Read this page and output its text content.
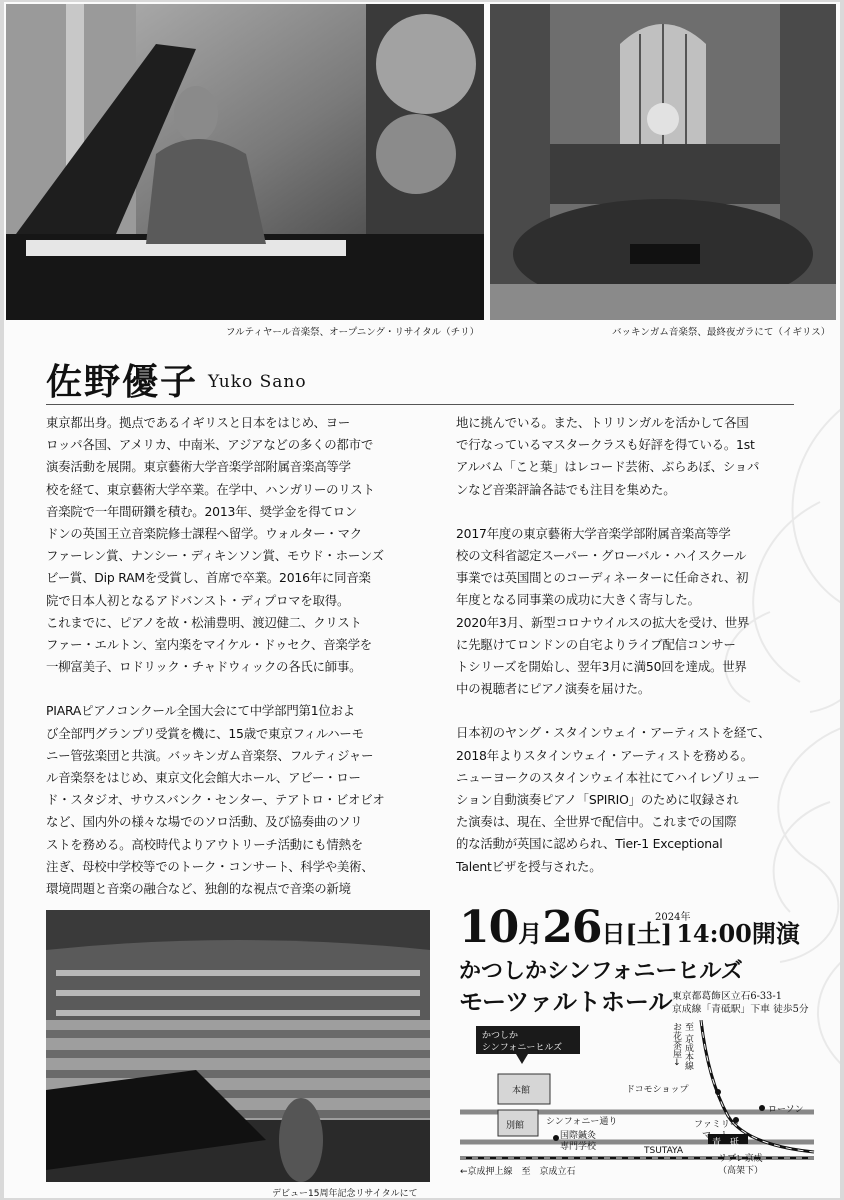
フルティヤール音楽祭、オープニング・リサイタル（チリ）	バッキンガム音楽祭、最終夜ガラにて（イギリス）
佐野優子 Yuko Sano

東京都出身。拠点であるイギリスと日本をはじめ、ヨー

ロッパ各国、アメリカ、中南米、アジアなどの多くの都市で

演奏活動を展開。東京藝術大学音楽学部附属音楽高等学

校を経て、東京藝術大学卒業。在学中、ハンガリーのリスト

音楽院で一年間研鑽を積む。2013年、奨学金を得てロン

ドンの英国王立音楽院修士課程へ留学。ウォルター・マク

ファーレン賞、ナンシー・ディキンソン賞、モウド・ホーンズ

ビー賞、Dip RAMを受賞し、首席で卒業。2016年に同音楽

院で日本人初となるアドバンスト・ディプロマを取得。

これまでに、ピアノを故・松浦豊明、渡辺健二、クリスト

ファー・エルトン、室内楽をマイケル・ドゥセク、音楽学を

一柳富美子、ロドリック・チャドウィックの各氏に師事。

PIARAピアノコンクール全国大会にて中学部門第1位およ

び全部門グランプリ受賞を機に、15歳で東京フィルハーモ

ニー管弦楽団と共演。バッキンガム音楽祭、フルティジャー

ル音楽祭をはじめ、東京文化会館大ホール、アビー・ロー

ド・スタジオ、サウスバンク・センター、テアトロ・ビオビオ

など、国内外の様々な場でのソロ活動、及び協奏曲のソリ

ストを務める。高校時代よりアウトリーチ活動にも情熱を

注ぎ、母校中学校等でのトーク・コンサート、科学や美術、

環境問題と音楽の融合など、独創的な視点で音楽の新境

地に挑んでいる。また、トリリンガルを活かして各国

で行なっているマスタークラスも好評を得ている。1st

アルバム「こと葉」はレコード芸術、ぶらあぼ、ショパ

ンなど音楽評論各誌でも注目を集めた。

2017年度の東京藝術大学音楽学部附属音楽高等学

校の文科省認定スーパー・グローバル・ハイスクール

事業では英国間とのコーディネーターに任命され、初

年度となる同事業の成功に大きく寄与した。

2020年3月、新型コロナウイルスの拡大を受け、世界

に先駆けてロンドンの自宅よりライブ配信コンサー

トシリーズを開始し、翌年3月に満50回を達成。世界

中の視聴者にピアノ演奏を届けた。

日本初のヤング・スタインウェイ・アーティストを経て、

2018年よりスタインウェイ・アーティストを務める。

ニューヨークのスタインウェイ本社にてハイレゾリュー

ション自動演奏ピアノ「SPIRIO」のために収録され

た演奏は、現在、全世界で配信中。これまでの国際

的な活動が英国に認められ、Tier-1 Exceptional

Talentビザを授与された。

デビュー15周年記念リサイタルにて
10月26日[土] 14:00開演
2024年
かつしかシンフォニーヒルズ
モーツァルトホール 東京都葛飾区立石6-33-1
京成線「青砥駅」下車 徒歩5分
かつしか
シンフォニーヒルズ
本館
別館 シンフォニー通り
国際鍼灸
専門学校
ドコモショップ
ファミリー
マート
ローソン
TSUTAYA
青　砥
←京成押上線　至　京成立石
至 京成本線
お花茶屋→
リブレ京成
（高架下）
